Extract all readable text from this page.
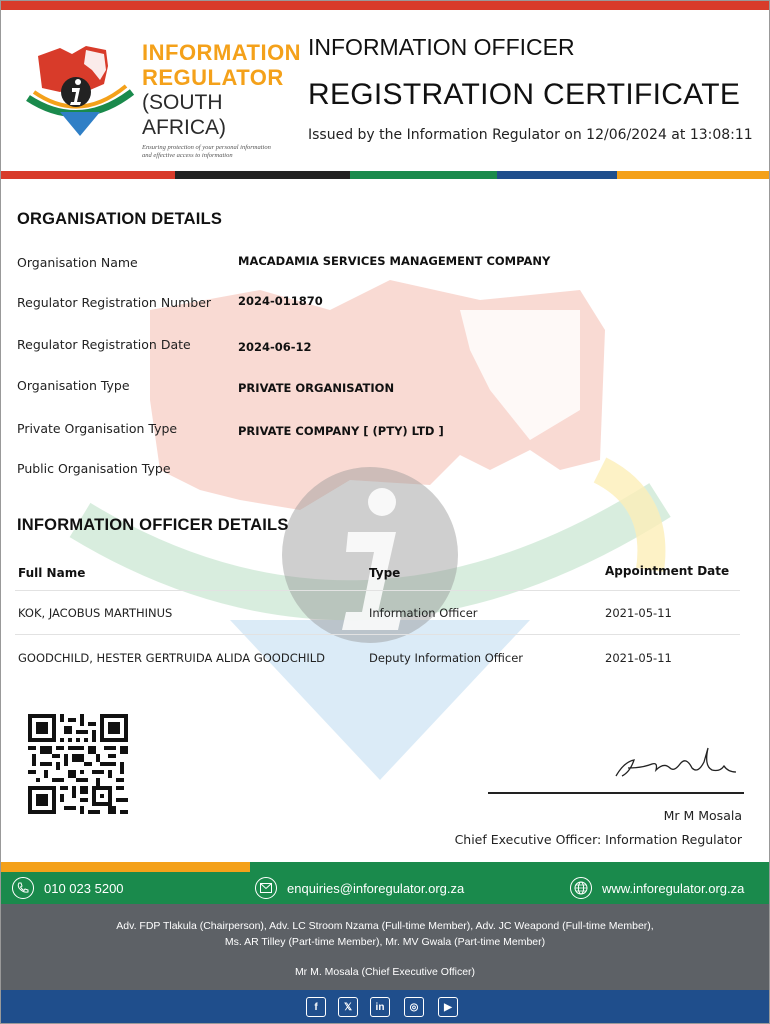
INFORMATION
REGULATOR
(SOUTH AFRICA)
Ensuring protection of your personal information and effective access to information
INFORMATION OFFICER
REGISTRATION CERTIFICATE
Issued by the Information Regulator on 12/06/2024 at 13:08:11
ORGANISATION DETAILS
Organisation Name	MACADAMIA SERVICES MANAGEMENT COMPANY
Regulator Registration Number 2024-011870
Regulator Registration Date	2024-06-12
Organisation Type	PRIVATE ORGANISATION
Private Organisation Type	PRIVATE COMPANY [ (PTY) LTD ]
Public Organisation Type
INFORMATION OFFICER DETAILS
Full Name	Type	Appointment Date
KOK, JACOBUS MARTHINUS	Information Officer	2021-05-11
GOODCHILD, HESTER GERTRUIDA ALIDA GOODCHILD	Deputy Information Officer	2021-05-11
Mr M Mosala
Chief Executive Officer: Information Regulator
010 023 5200	enquiries@inforegulator.org.za	www.inforegulator.org.za
Adv. FDP Tlakula (Chairperson), Adv. LC Stroom Nzama (Full-time Member), Adv. JC Weapond (Full-time Member),
Ms. AR Tilley (Part-time Member), Mr. MV Gwala (Part-time Member)
Mr M. Mosala (Chief Executive Officer)
f	𝕏	in	◎	▶
